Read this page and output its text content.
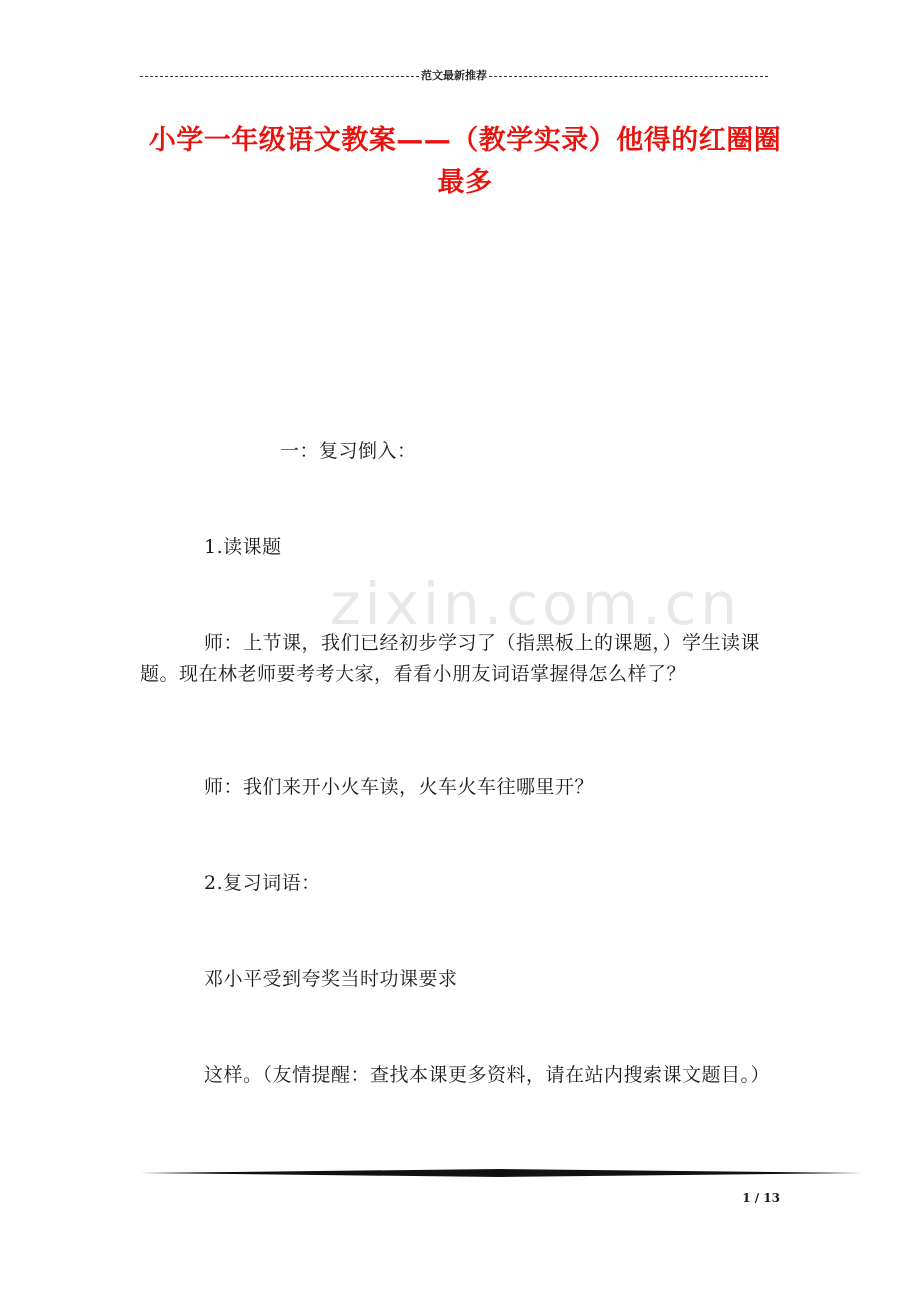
范文最新推荐
小学一年级语文教案——（教学实录）他得的红圈圈
最多
zixin.com.cn
一：复习倒入：
1.读课题
师：上节课，我们已经初步学习了（指黑板上的课题，）学生读课题。现在林老师要考考大家，看看小朋友词语掌握得怎么样了？
师：我们来开小火车读，火车火车往哪里开？
2.复习词语：
邓小平受到夸奖当时功课要求
这样。（友情提醒：查找本课更多资料，请在站内搜索课文题目。）
1 / 13
